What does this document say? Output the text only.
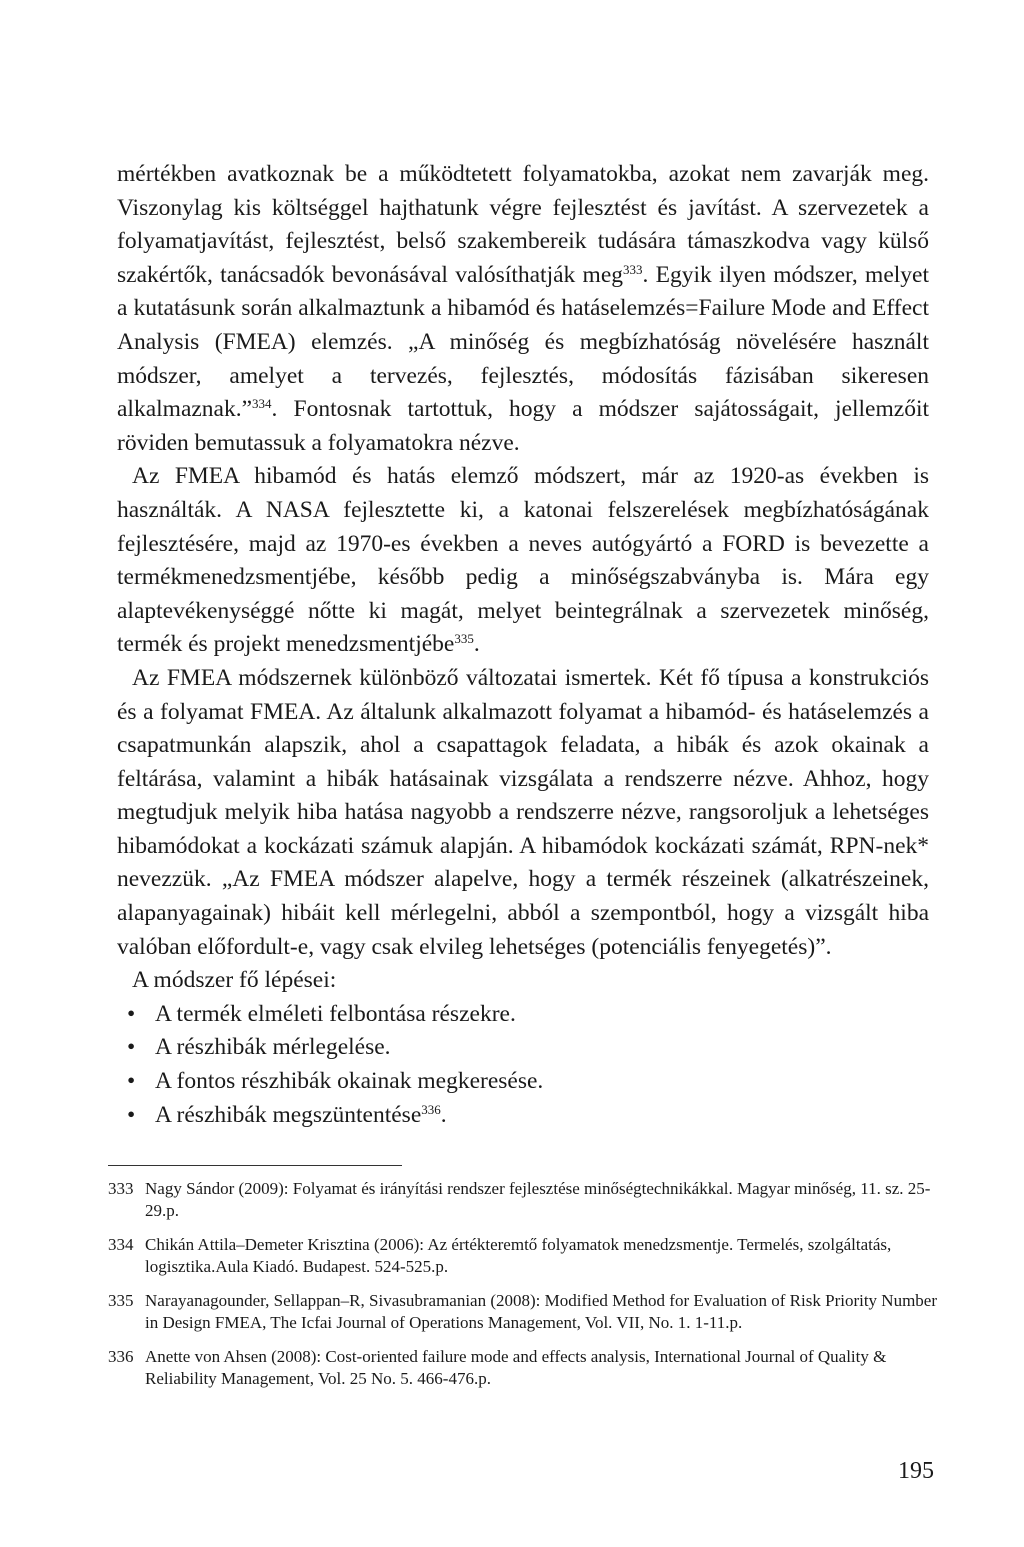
mértékben avatkoznak be a működtetett folyamatokba, azokat nem zavarják meg. Viszonylag kis költséggel hajthatunk végre fejlesztést és javítást. A szervezetek a folyamatjavítást, fejlesztést, belső szakembereik tudására támaszkodva vagy külső szakértők, tanácsadók bevonásával valósíthatják meg$^{333}$. Egyik ilyen módszer, melyet a kutatásunk során alkalmaztunk a hibamód és hatáselemzés=Failure Mode and Effect Analysis (FMEA) elemzés. „A minőség és megbízhatóság növelésére használt módszer, amelyet a tervezés, fejlesztés, módosítás fázisában sikeresen alkalmaznak.”$^{334}$. Fontosnak tartottuk, hogy a módszer sajátosságait, jellemzőit röviden bemutassuk a folyamatokra nézve.

Az FMEA hibamód és hatás elemző módszert, már az 1920-as években is használták. A NASA fejlesztette ki, a katonai felszerelések megbízhatóságának fejlesztésére, majd az 1970-es években a neves autógyártó a FORD is bevezette a termékmenedzsmentjébe, később pedig a minőségszabványba is. Mára egy alaptevékenységgé nőtte ki magát, melyet beintegrálnak a szervezetek minőség, termék és projekt menedzsmentjébe$^{335}$.

Az FMEA módszernek különböző változatai ismertek. Két fő típusa a konstrukciós és a folyamat FMEA. Az általunk alkalmazott folyamat a hibamód- és hatáselemzés a csapatmunkán alapszik, ahol a csapattagok feladata, a hibák és azok okainak a feltárása, valamint a hibák hatásainak vizsgálata a rendszerre nézve. Ahhoz, hogy megtudjuk melyik hiba hatása nagyobb a rendszerre nézve, rangsoroljuk a lehetséges hibamódokat a kockázati számuk alapján. A hibamódok kockázati számát, RPN-nek* nevezzük. „Az FMEA módszer alapelve, hogy a termék részeinek (alkatrészeinek, alapanyagainak) hibáit kell mérlegelni, abból a szempontból, hogy a vizsgált hiba valóban előfordult-e, vagy csak elvileg lehetséges (potenciális fenyegetés)”.

A módszer fő lépései:

• A termék elméleti felbontása részekre.
• A részhibák mérlegelése.
• A fontos részhibák okainak megkeresése.
• A részhibák megszüntentése$^{336}$.
333 Nagy Sándor (2009): Folyamat és irányítási rendszer fejlesztése minőségtechnikákkal. Magyar minőség, 11. sz. 25-29.p.
334 Chikán Attila–Demeter Krisztina (2006): Az értékteremtő folyamatok menedzsmentje. Termelés, szolgáltatás, logisztika.Aula Kiadó. Budapest. 524-525.p.
335 Narayanagounder, Sellappan–R, Sivasubramanian (2008): Modified Method for Evaluation of Risk Priority Number in Design FMEA, The Icfai Journal of Operations Management, Vol. VII, No. 1. 1-11.p.
336 Anette von Ahsen (2008): Cost-oriented failure mode and effects analysis, International Journal of Quality & Reliability Management, Vol. 25 No. 5. 466-476.p.
195
